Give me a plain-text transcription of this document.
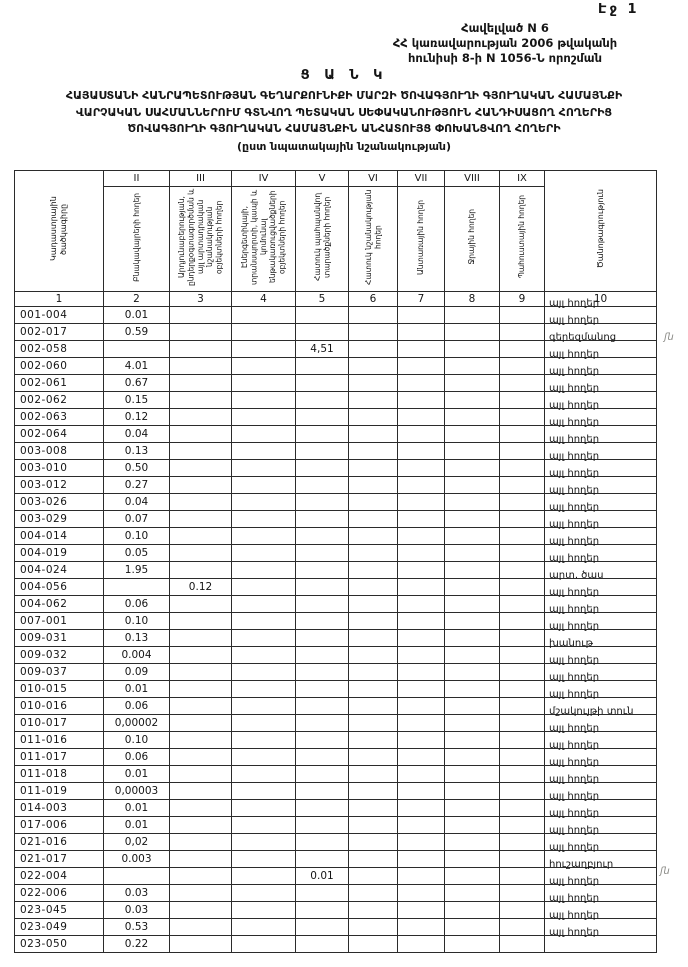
Էջ 1
Հավելված N 6
ՀՀ կառավարության 2006 թվականի
հունիսի 8-ի N 1056-Ն որոշման
Ց Ա Ն Կ
ՀԱՅԱՍՏԱՆԻ ՀԱՆՐԱՊԵՏՈՒԹՅԱՆ ԳԵՂԱՐՔՈՒՆԻՔԻ ՄԱՐԶԻ ԾՈՎԱԳՅՈՒՂԻ ԳՅՈՒՂԱԿԱՆ ՀԱՄԱՅՆՔԻ
ՎԱՐՉԱԿԱՆ ՍԱՀՄԱՆՆԵՐՈՒՄ ԳՏՆՎՈՂ ՊԵՏԱԿԱՆ ՍԵՓԱԿԱՆՈՒԹՅՈՒՆ ՀԱՆԴԻՍԱՑՈՂ ՀՈՂԵՐԻՑ
ԾՈՎԱԳՅՈՒՂԻ ԳՅՈՒՂԱԿԱՆ ՀԱՄԱՅՆՔԻՆ ԱՆՀԱՏՈՒՅՑ ՓՈԽԱՆՑՎՈՂ ՀՈՂԵՐԻ
(ըստ նպատակային նշանակության)
Կադաստրային ծածկագիրը	II	III	IV	V	VI	VII	VIII	IX	Ծանոթագրություն
	Բնակավայրերի հողեր	Արդյունաբերության, ընդերքօգտագործման և այլ արտադրական նշանակության օբյեկտների հողեր	Էներգետիկայի, տրանսպորտի, կապի և կոմունալ ենթակառուցվածքների օբյեկտների հողեր	Հատուկ պահպանվող տարածքների հողեր	Հատուկ նշանակության հողեր	Անտառային հողեր	Ջրային հողեր	Պահուստային հողեր	
1	2	3	4	5	6	7	8	9	10
001-004	0.01								այլ հողեր

002-017	0.59								այլ հողեր

002-058				4,51					գերեզմանոց

002-060	4.01								այլ հողեր

002-061	0.67								այլ հողեր

002-062	0.15								այլ հողեր

002-063	0.12								այլ հողեր

002-064	0.04								այլ հողեր

003-008	0.13								այլ հողեր

003-010	0.50								այլ հողեր

003-012	0.27								այլ հողեր

003-026	0.04								այլ հողեր

003-029	0.07								այլ հողեր

004-014	0.10								այլ հողեր

004-019	0.05								այլ հողեր

004-024	1.95								այլ հողեր

004-056		0.12							արտ. ծաս

004-062	0.06								այլ հողեր

007-001	0.10								այլ հողեր

009-031	0.13								այլ հողեր

009-032	0.004								խանութ

009-037	0.09								այլ հողեր

010-015	0.01								այլ հողեր

010-016	0.06								այլ հողեր

010-017	0,00002								մշակույթի տուն

011-016	0.10								այլ հողեր

011-017	0.06								այլ հողեր

011-018	0.01								այլ հողեր

011-019	0,00003								այլ հողեր

014-003	0.01								այլ հողեր

017-006	0.01								այլ հողեր

021-016	0,02								այլ հողեր

021-017	0.003								այլ հողեր

022-004				0.01					հուշաղբյուր

022-006	0.03								այլ հողեր

023-045	0.03								այլ հողեր

023-049	0.53								այլ հողեր

023-050	0.22								այլ հողեր
ʃն
ʃն
